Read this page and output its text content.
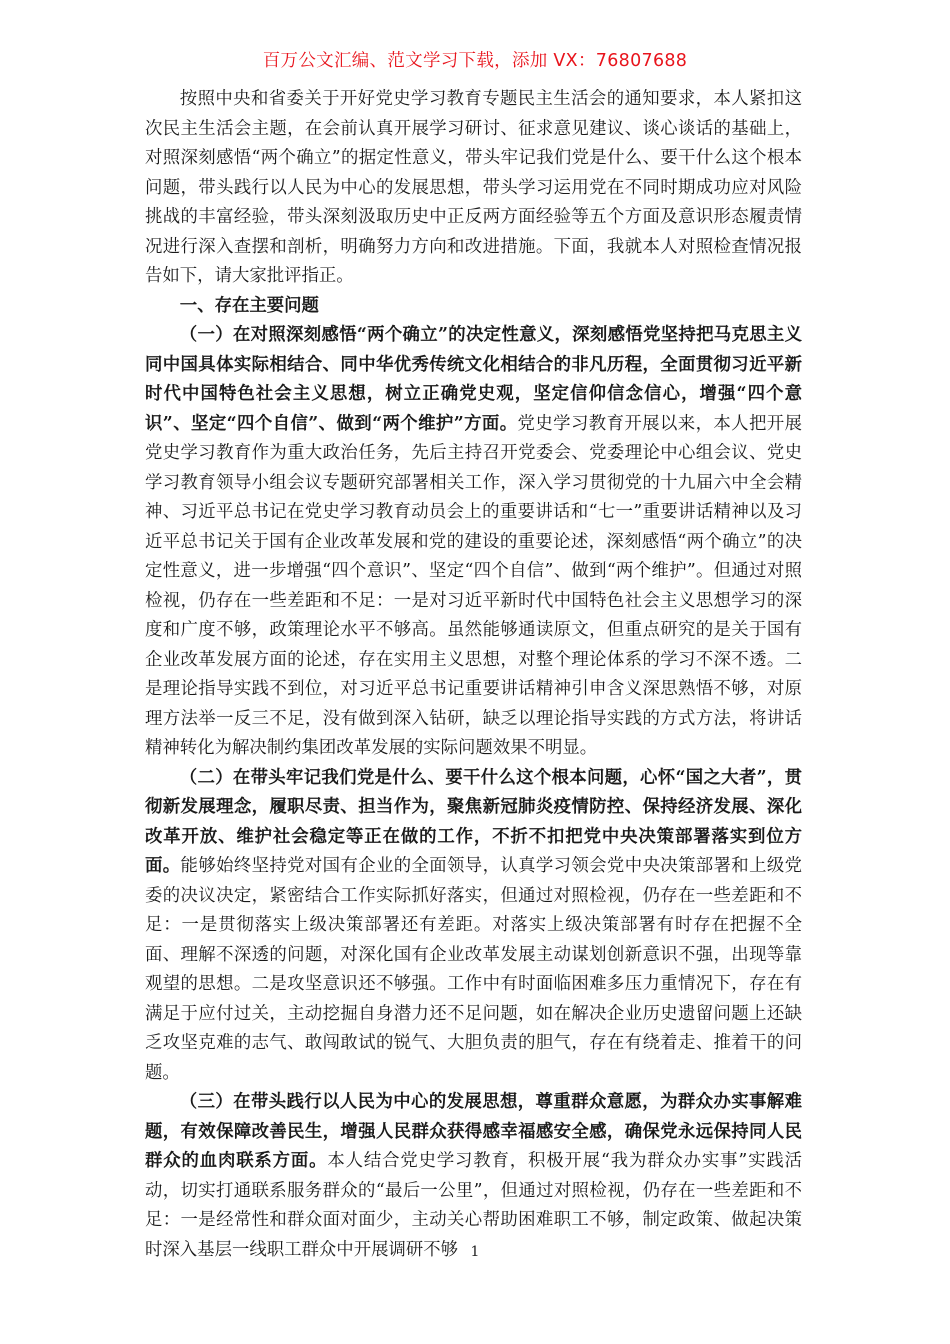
百万公文汇编、范文学习下载，添加 VX：76807688

按照中央和省委关于开好党史学习教育专题民主生活会的通知要求，本人紧扣这次民主生活会主题，在会前认真开展学习研讨、征求意见建议、谈心谈话的基础上，对照深刻感悟“两个确立”的据定性意义，带头牢记我们党是什么、要干什么这个根本问题，带头践行以人民为中心的发展思想，带头学习运用党在不同时期成功应对风险挑战的丰富经验，带头深刻汲取历史中正反两方面经验等五个方面及意识形态履责情况进行深入查摆和剖析，明确努力方向和改进措施。下面，我就本人对照检查情况报告如下，请大家批评指正。

一、存在主要问题

（一）在对照深刻感悟“两个确立”的决定性意义，深刻感悟党坚持把马克思主义同中国具体实际相结合、同中华优秀传统文化相结合的非凡历程，全面贯彻习近平新时代中国特色社会主义思想，树立正确党史观，坚定信仰信念信心，增强“四个意识”、坚定“四个自信”、做到“两个维护”方面。党史学习教育开展以来，本人把开展党史学习教育作为重大政治任务，先后主持召开党委会、党委理论中心组会议、党史学习教育领导小组会议专题研究部署相关工作，深入学习贯彻党的十九届六中全会精神、习近平总书记在党史学习教育动员会上的重要讲话和“七一”重要讲话精神以及习近平总书记关于国有企业改革发展和党的建设的重要论述，深刻感悟“两个确立”的决定性意义，进一步增强“四个意识”、坚定“四个自信”、做到“两个维护”。但通过对照检视，仍存在一些差距和不足：一是对习近平新时代中国特色社会主义思想学习的深度和广度不够，政策理论水平不够高。虽然能够通读原文，但重点研究的是关于国有企业改革发展方面的论述，存在实用主义思想，对整个理论体系的学习不深不透。二是理论指导实践不到位，对习近平总书记重要讲话精神引申含义深思熟悟不够，对原理方法举一反三不足，没有做到深入钻研，缺乏以理论指导实践的方式方法，将讲话精神转化为解决制约集团改革发展的实际问题效果不明显。

（二）在带头牢记我们党是什么、要干什么这个根本问题，心怀“国之大者”，贯彻新发展理念，履职尽责、担当作为，聚焦新冠肺炎疫情防控、保持经济发展、深化改革开放、维护社会稳定等正在做的工作，不折不扣把党中央决策部署落实到位方面。能够始终坚持党对国有企业的全面领导，认真学习领会党中央决策部署和上级党委的决议决定，紧密结合工作实际抓好落实，但通过对照检视，仍存在一些差距和不足：一是贯彻落实上级决策部署还有差距。对落实上级决策部署有时存在把握不全面、理解不深透的问题，对深化国有企业改革发展主动谋划创新意识不强，出现等靠观望的思想。二是攻坚意识还不够强。工作中有时面临困难多压力重情况下，存在有满足于应付过关，主动挖掘自身潜力还不足问题，如在解决企业历史遗留问题上还缺乏攻坚克难的志气、敢闯敢试的锐气、大胆负责的胆气，存在有绕着走、推着干的问题。

（三）在带头践行以人民为中心的发展思想，尊重群众意愿，为群众办实事解难题，有效保障改善民生，增强人民群众获得感幸福感安全感，确保党永远保持同人民群众的血肉联系方面。本人结合党史学习教育，积极开展“我为群众办实事”实践活动，切实打通联系服务群众的“最后一公里”，但通过对照检视，仍存在一些差距和不足：一是经常性和群众面对面少，主动关心帮助困难职工不够，制定政策、做起决策时深入基层一线职工群众中开展调研不够 1
